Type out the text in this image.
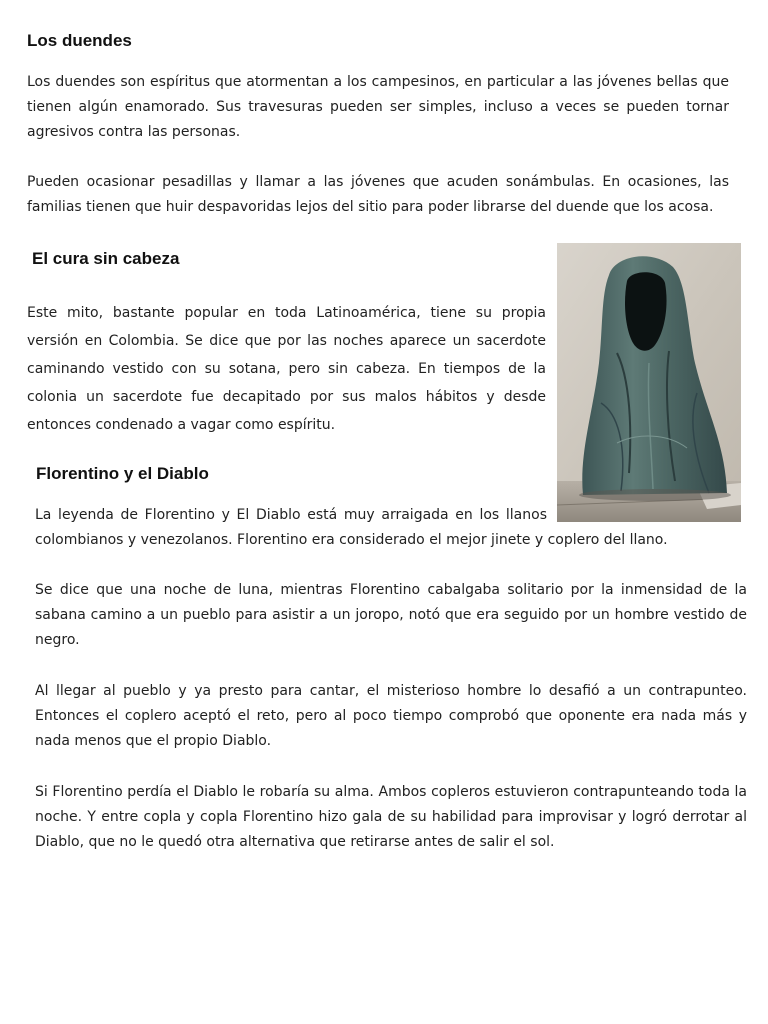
Los duendes

Los duendes son espíritus que atormentan a los campesinos, en particular a las jóvenes bellas que tienen algún enamorado. Sus travesuras pueden ser simples, incluso a veces se pueden tornar agresivos contra las personas.

Pueden ocasionar pesadillas y llamar a las jóvenes que acuden sonámbulas. En ocasiones, las familias tienen que huir despavoridas lejos del sitio para poder librarse del duende que los acosa.

El cura sin cabeza

Este mito, bastante popular en toda Latinoamérica, tiene su propia versión en Colombia. Se dice que por las noches aparece un sacerdote caminando vestido con su sotana, pero sin cabeza. En tiempos de la colonia un sacerdote fue decapitado por sus malos hábitos y desde entonces condenado a vagar como espíritu.

Florentino y el Diablo

La leyenda de Florentino y El Diablo está muy arraigada en los llanos

colombianos y venezolanos. Florentino era considerado el mejor jinete y coplero del llano.

Se dice que una noche de luna, mientras Florentino cabalgaba solitario por la inmensidad de la sabana camino a un pueblo para asistir a un joropo, notó que era seguido por un hombre vestido de negro.

Al llegar al pueblo y ya presto para cantar, el misterioso hombre lo desafió a un contrapunteo. Entonces el coplero aceptó el reto, pero al poco tiempo comprobó que oponente era nada más y nada menos que el propio Diablo.

Si Florentino perdía el Diablo le robaría su alma. Ambos copleros estuvieron contrapunteando toda la noche. Y entre copla y copla Florentino hizo gala de su habilidad para improvisar y logró derrotar al Diablo, que no le quedó otra alternativa que retirarse antes de salir el sol.
